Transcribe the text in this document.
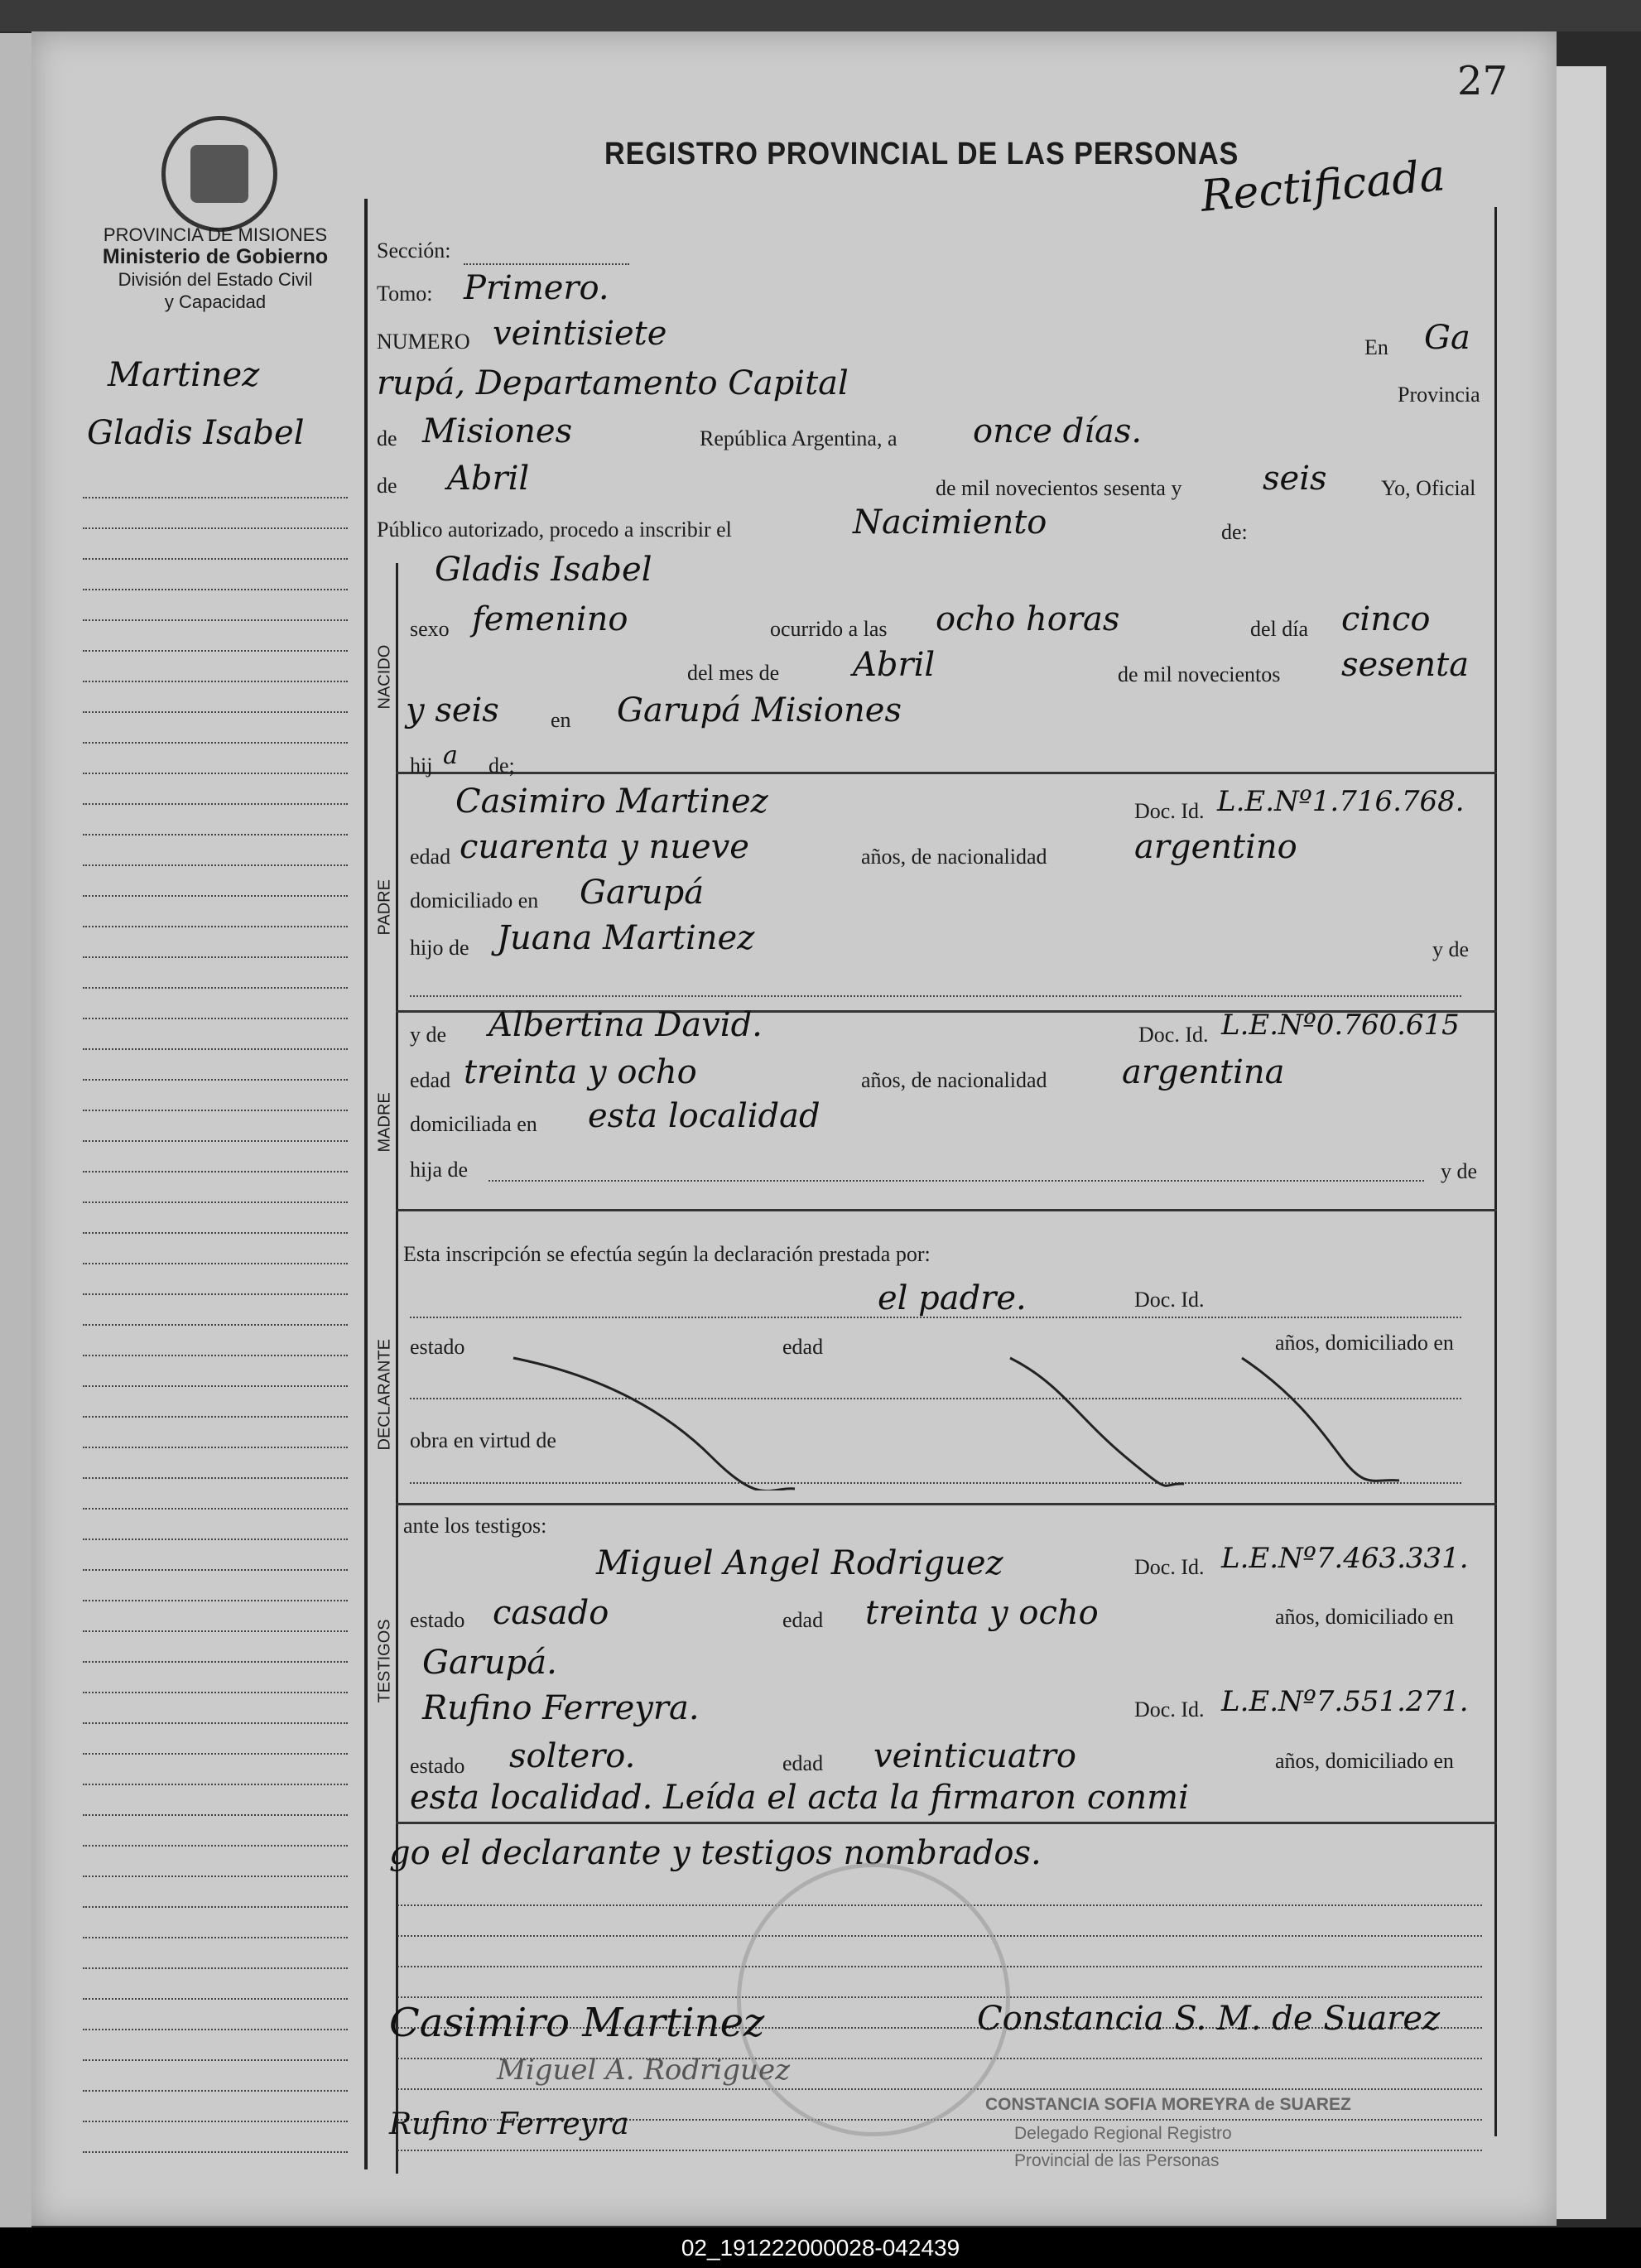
27
REGISTRO PROVINCIAL DE LAS PERSONAS
Rectificada
PROVINCIA DE MISIONES
Ministerio de Gobierno
División del Estado Civil
y Capacidad
Martinez
Gladis Isabel
Sección:
Tomo: Primero.
NUMERO veintisiete	En Ga
rupá, Departamento Capital	Provincia
de Misiones	República Argentina, a once días.
de Abril	de mil novecientos sesenta y seis	Yo, Oficial
Público autorizado, procedo a inscribir el	Nacimiento	de:
NACIDO
Gladis Isabel
sexo femenino	ocurrido a las ocho horas	del día cinco
del mes de Abril	de mil novecientos sesenta
y seis en Garupá Misiones
hij a de;
PADRE
Casimiro Martinez	Doc. Id. L.E.Nº1.716.768.
edad cuarenta y nueve	años, de nacionalidad	argentino
domiciliado en Garupá
hijo de Juana Martinez	y de
MADRE
y de Albertina David.	Doc. Id. L.E.Nº0.760.615
edad treinta y ocho	años, de nacionalidad argentina
domiciliada en esta localidad
hija de	y de
Esta inscripción se efectúa según la declaración prestada por:
DECLARANTE
el padre.	Doc. Id.
estado	edad	años, domiciliado en
obra en virtud de
ante los testigos:
TESTIGOS
Miguel Angel Rodriguez	Doc. Id. L.E.Nº7.463.331.
estado casado	edad treinta y ocho	años, domiciliado en
Garupá.
Rufino Ferreyra.	Doc. Id. L.E.Nº7.551.271.
estado soltero.	edad veinticuatro	años, domiciliado en
esta localidad. Leída el acta la firmaron conmi
go el declarante y testigos nombrados.
Casimiro Martinez	Constancia S. M. de Suarez
Miguel A. Rodriguez
Rufino Ferreyra
CONSTANCIA SOFIA MOREYRA de SUAREZ
Delegado Regional Registro
Provincial de las Personas
02_191222000028-042439
